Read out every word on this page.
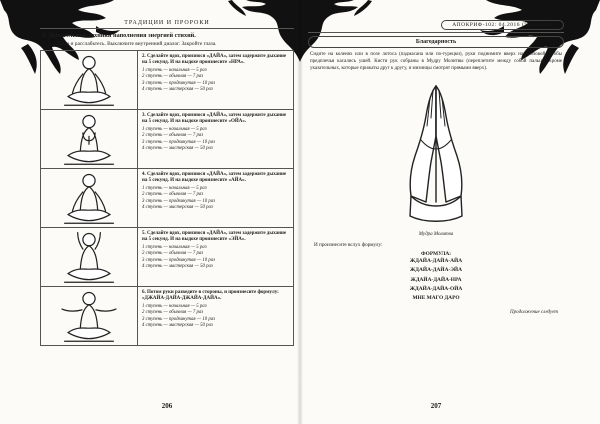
ТРАДИЦИИ И ПРОРОКИ
8. Дыхательные техники наполнения энергией стихий.
1. Сядьте и расслабьтесь. Выключите внутренний диалог. Закройте глаза.
2. Сделайте вдох, произнося «ДАЙА», затем задержите дыхание на 5 секунд. И на выдохе произнесите «НРА».
1 ступень — начальная — 5 раз
2 ступень — обычная — 7 раз
3 ступень — продвинутая — 10 раз
4 ступень — мастерская — 50 раз
3. Сделайте вдох, произнося «ДАЙА», затем задержите дыхание на 5 секунд. И на выдохе произнесите «ОЙА».
1 ступень — начальная — 5 раз
2 ступень — обычная — 7 раз
3 ступень — продвинутая — 10 раз
4 ступень — мастерская — 50 раз
4. Сделайте вдох, произнося «ДАЙА», затем задержите дыхание на 5 секунд. И на выдохе произнесите «АЙА».
1 ступень — начальная — 5 раз
2 ступень — обычная — 7 раз
3 ступень — продвинутая — 10 раз
4 ступень — мастерская — 50 раз
5. Сделайте вдох, произнося «ДАЙА», затем задержите дыхание на 5 секунд. И на выдохе произнесите «ЭЙА».
1 ступень — начальная — 5 раз
2 ступень — обычная — 7 раз
3 ступень — продвинутая — 10 раз
4 ступень — мастерская — 50 раз
6. Потом руки разведите в стороны, и произнесите формулу: «ДЖАЙА-ДАЙА-ДЖАЙА-ДАЙА».
1 ступень — начальная — 5 раз
2 ступень — обычная — 7 раз
3 ступень — продвинутая — 10 раз
4 ступень — мастерская — 50 раз
206
АПОКРИФ-102: 04.2016 (°F5.2 e.n.)
Благодарность
Сидите на коленях или в позе лотоса (падмасана или по-турецки), руки поднимите вверх над головой, чтобы предплечья касались ушей. Кисти рук собраны в Мудру Молитвы (переплетите между собой пальцы, кроме указательных, которые прижаты друг к другу, и мизинцы смотрят прямыми вверх).
Мудра Молитва
И произнесите вслух формулу:
ФОРМУЛА:
ЖДАЙА-ДАЙА-АЙА
ЖДАЙА-ДАЙА-ЭЙА
ЖДАЙА-ДАЙА-НРА
ЖДАЙА-ДАЙА-ОЙА
МНЕ МАГО ДАРО
Продолжение следует
207
